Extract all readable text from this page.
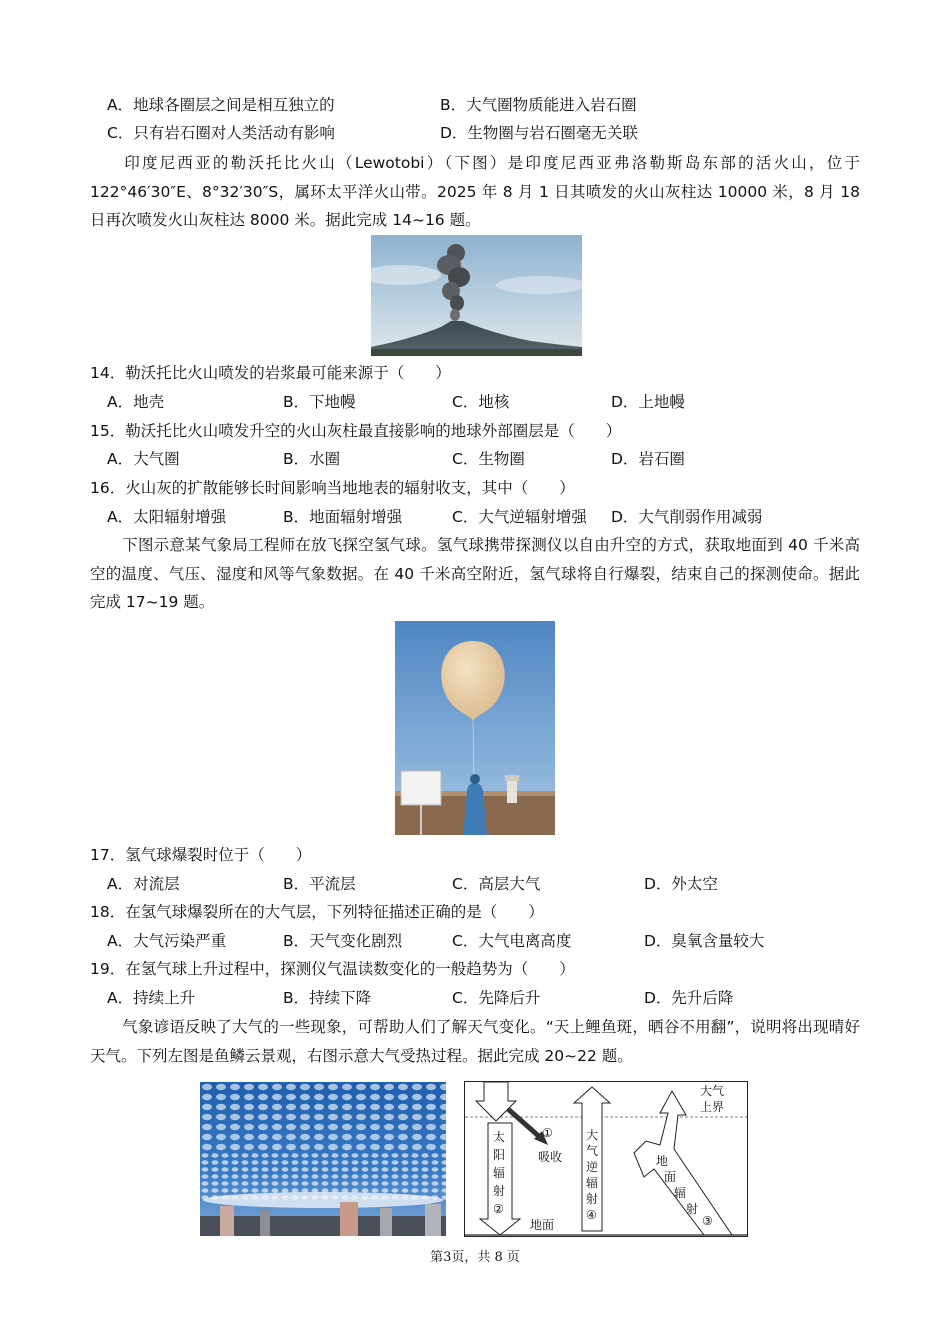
A．地球各圈层之间是相互独立的	B．大气圈物质能进入岩石圈
C．只有岩石圈对人类活动有影响	D．生物圈与岩石圈毫无关联
印度尼西亚的勒沃托比火山（Lewotobi）（下图）是印度尼西亚弗洛勒斯岛东部的活火山，位于122°46′30″E、8°32′30″S，属环太平洋火山带。2025 年 8 月 1 日其喷发的火山灰柱达 10000 米，8 月 18 日再次喷发火山灰柱达 8000 米。据此完成 14~16 题。
14．勒沃托比火山喷发的岩浆最可能来源于（　　）
A．地壳	B．下地幔	C．地核	D．上地幔
15．勒沃托比火山喷发升空的火山灰柱最直接影响的地球外部圈层是（　　）
A．大气圈	B．水圈	C．生物圈	D．岩石圈
16．火山灰的扩散能够长时间影响当地地表的辐射收支，其中（　　）
A．太阳辐射增强	B．地面辐射增强	C．大气逆辐射增强 D．大气削弱作用减弱
下图示意某气象局工程师在放飞探空氢气球。氢气球携带探测仪以自由升空的方式，获取地面到 40 千米高空的温度、气压、湿度和风等气象数据。在 40 千米高空附近，氢气球将自行爆裂，结束自己的探测使命。据此完成 17~19 题。
17．氢气球爆裂时位于（　　）
A．对流层	B．平流层	C．高层大气	D．外太空
18．在氢气球爆裂所在的大气层，下列特征描述正确的是（　　）
A．大气污染严重	B．天气变化剧烈	C．大气电离高度	D．臭氧含量较大
19．在氢气球上升过程中，探测仪气温读数变化的一般趋势为（　　）
A．持续上升	B．持续下降	C．先降后升	D．先升后降
气象谚语反映了大气的一些现象，可帮助人们了解天气变化。“天上鲤鱼斑，晒谷不用翻”，说明将出现晴好天气。下列左图是鱼鳞云景观，右图示意大气受热过程。据此完成 20~22 题。
大气
上界
太
阳
辐
射
②
①
吸收
大
气
逆
辐
射
④
地
面
辐
射
③
地面
第3页，共 8 页
